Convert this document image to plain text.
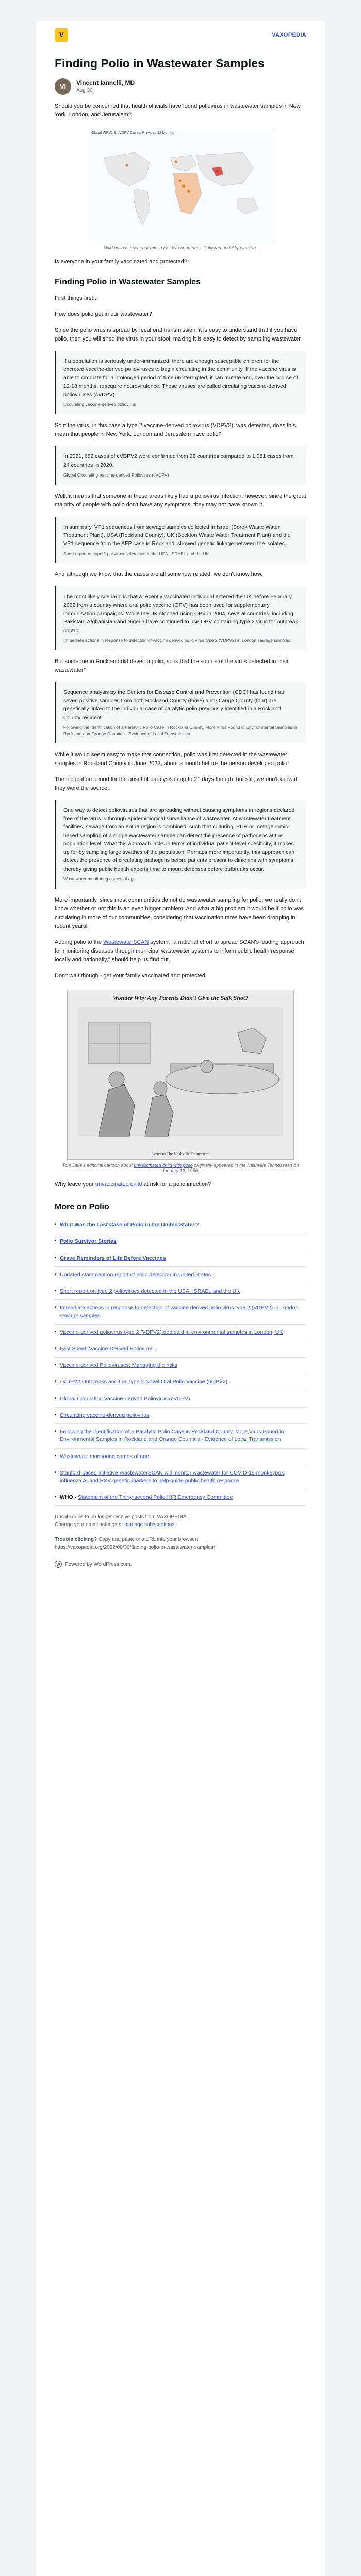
V	VAXOPEDIA
Finding Polio in Wastewater Samples
VI Vincent Iannelli, MD
Aug 30

Should you be concerned that health officials have found poliovirus in wastewater samples in New York, London, and Jerusalem?

Global WPV1 & cVDPV Cases, Previous 12 Months
Wild polio is now endemic in just two countries - Pakistan and Afghanistan.

Is everyone in your family vaccinated and protected?

Finding Polio in Wastewater Samples

First things first...

How does polio get in our wastewater?

Since the polio virus is spread by fecal oral transmission, it is easy to understand that if you have polio, then you will shed the virus in your stool, making it is easy to detect by sampling wastewater.

If a population is seriously under-immunized, there are enough susceptible children for the excreted vaccine-derived polioviruses to begin circulating in the community. If the vaccine virus is able to circulate for a prolonged period of time uninterrupted, it can mutate and, over the course of 12-18 months, reacquire neurovirulence. These viruses are called circulating vaccine-derived polioviruses (cVDPV).

Circulating vaccine-derived poliovirus

So if the virus, in this case a type 2 vaccine-derived poliovirus (VDPV2), was detected, does this mean that people in New York, London and Jerusalem have polio?

In 2021, 682 cases of cVDPV2 were confirmed from 22 countries compared to 1,081 cases from 24 countries in 2020.

Global Circulating Vaccine-derived Poliovirus (cVDPV)

Well, it means that someone in these areas likely had a poliovirus infection, however, since the great majority of people with polio don't have any symptoms, they may not have known it.

In summary, VP1 sequences from sewage samples collected in Israel (Sorek Waste Water Treatment Plant), USA (Rockland County), UK (Beckton Waste Water Treatment Plant) and the VP1 sequence from the AFP case in Rockland, showed genetic linkage between the isolates.

Short report on type 2 poliviruses detected in the USA, ISRAEL and the UK

And although we know that the cases are all somehow related, we don't know how.

The most likely scenario is that a recently vaccinated individual entered the UK before February 2022 from a country where oral polio vaccine (OPV) has been used for supplementary immunisation campaigns. While the UK stopped using OPV in 2004, several countries, including Pakistan, Afghanistan and Nigeria have continued to use OPV containing type 2 virus for outbreak control.

Immediate actions in response to detection of vaccine derived polio virus type 2 (VDPV2) in London sewage samples

But someone in Rockland did develop polio, so is that the source of the virus detected in their wastewater?

Sequence analysis by the Centers for Disease Control and Prevention (CDC) has found that seven positive samples from both Rockland County (three) and Orange County (four) are genetically linked to the individual case of paralytic polio previously identified in a Rockland County resident.

Following the Identification of a Paralytic Polio Case in Rockland County, More Virus Found in Environmental Samples in Rockland and Orange Counties - Evidence of Local Transmission

While it would seem easy to make that connection, polio was first detected in the wastewater samples in Rockland County in June 2022, about a month before the person developed polio!

The incubation period for the onset of paralysis is up to 21 days though, but still, we don't know if they were the source.

One way to detect polioviruses that are spreading without causing symptoms in regions declared free of the virus is through epidemiological surveillance of wastewater. At wastewater treatment facilities, sewage from an entire region is combined, such that culturing, PCR or metagenomic-based sampling of a single wastewater sample can detect the presence of pathogens at the population level. What this approach lacks in terms of individual patient-level specificity, it makes up for by sampling large swathes of the population. Perhaps more importantly, this approach can detect the presence of circulating pathogens before patients present to clinicians with symptoms, thereby giving public health experts time to mount defenses before outbreaks occur.

Wastewater monitoring comes of age

More importantly, since most communities do not do wastewater sampling for polio, we really don't know whether or not this is an even bigger problem. And what a big problem it would be if polio was circulating in more of our communities, considering that vaccination rates have been dropping in recent years!

Adding polio to the WastewaterSCAN system, "a national effort to spread SCAN's leading approach for monitoring diseases through municipal wastewater systems to inform public health response locally and nationally," should help us find out.

Don't wait though - get your family vaccinated and protected!

Wonder Why Any Parents Didn't Give the Salk Shot?
Letter to The Nashville Tennessean
Tom Little's editorial cartoon about unvaccinated child with polio originally appeared in the Nashville Tennessean on January 12, 1956.

Why leave your unvaccinated child at risk for a polio infection?

More on Polio
• What Was the Last Case of Polio in the United States?
• Polio Survivor Stories
• Grave Reminders of Life Before Vaccines
• Updated statement on report of polio detection in United States
• Short report on type 2 poliovirues detected in the USA, ISRAEL and the UK
• Immediate actions in response to detection of vaccine derived polio virus type 2 (VDPV2) in London sewage samples
• Vaccine-derived poliovirus type 2 (VDPV2) detected in environmental samples in London, UK
• Fact Sheet: Vaccine-Derived Poliovirus
• Vaccine-derived Polioviruses: Managing the risks
• cVDPV2 Outbreaks and the Type 2 Novel Oral Polio Vaccine (nOPV2)
• Global Circulating Vaccine-derived Poliovirus (cVDPV)
• Circulating vaccine-derived poliovirus
• Following the Identification of a Paralytic Polio Case in Rockland County, More Virus Found in Environmental Samples in Rockland and Orange Counties - Evidence of Local Transmission
• Wastewater monitoring comes of age
• Stanford-based initiative WastewaterSCAN will monitor wastewater for COVID-19 monkeypox, influenza A, and RSV genetic markers to help guide public health response
• WHO - Statement of the Thirty-second Polio IHR Emergency Committee

Unsubscribe to no longer receive posts from VAXOPEDIA.
Change your email settings at manage subscriptions.

Trouble clicking? Copy and paste this URL into your browser:
https://vaxopedia.org/2022/08/30/finding-polio-in-wastewater-samples/

W Powered by WordPress.com.
